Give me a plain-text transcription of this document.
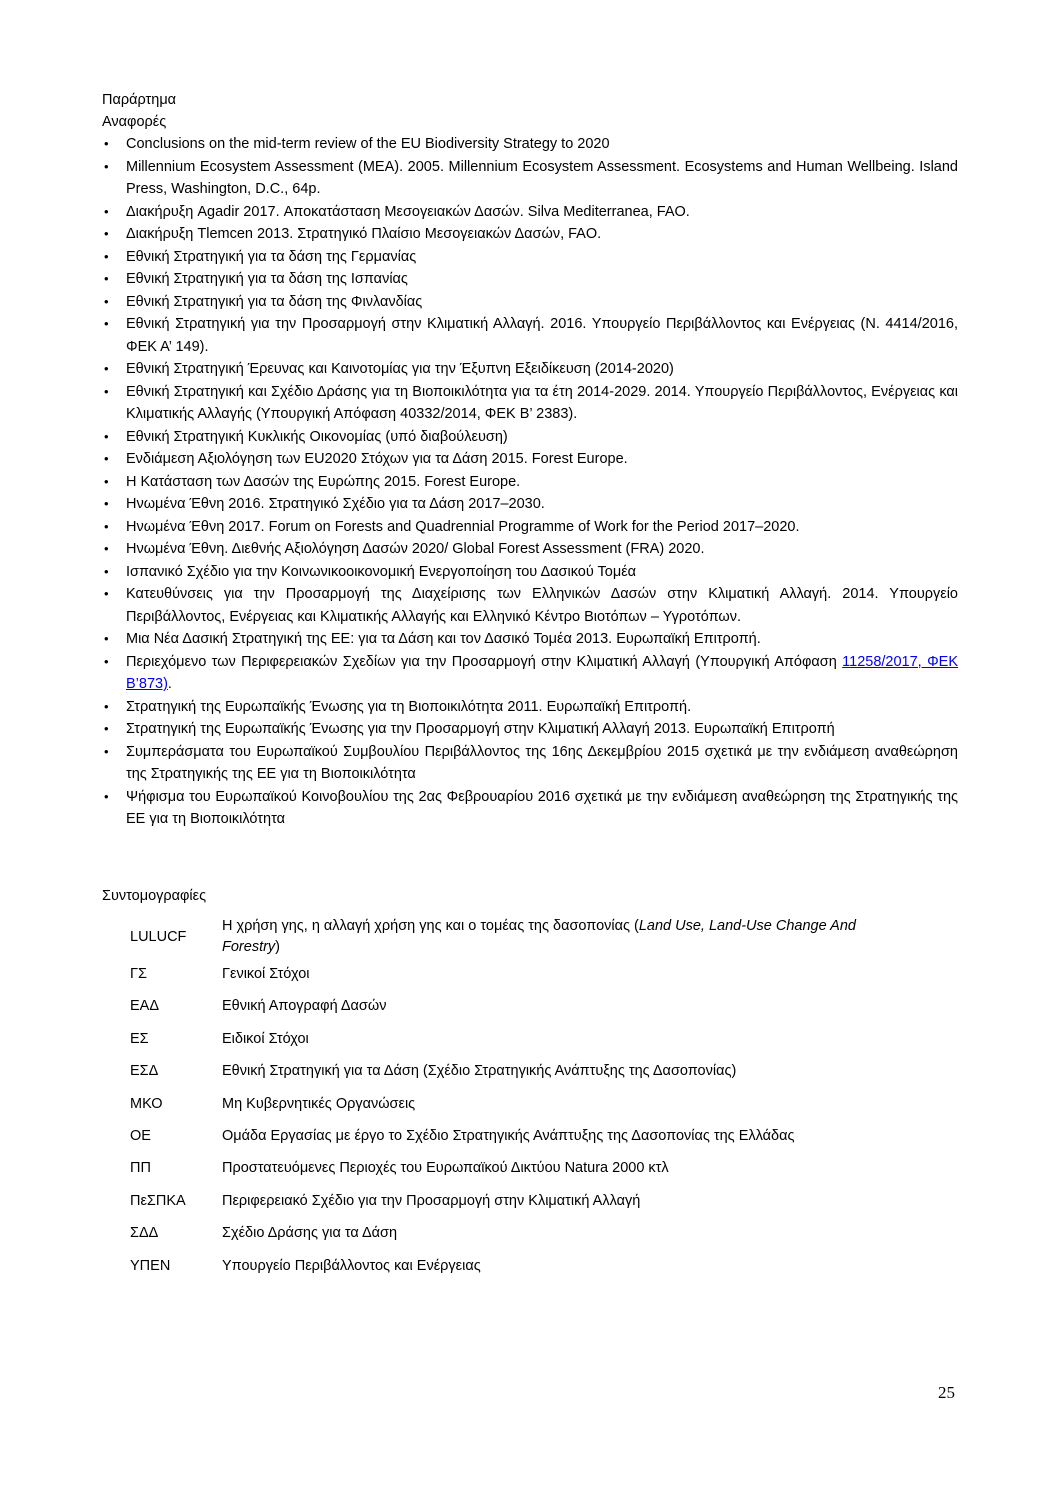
Παράρτημα
Αναφορές
• Conclusions on the mid-term review of the EU Biodiversity Strategy to 2020
• Millennium Ecosystem Assessment (MEA). 2005. Millennium Ecosystem Assessment. Ecosystems and Human Wellbeing. Island Press, Washington, D.C., 64p.
• Διακήρυξη Agadir 2017. Αποκατάσταση Μεσογειακών Δασών. Silva Mediterranea, FAO.
• Διακήρυξη Tlemcen 2013. Στρατηγικό Πλαίσιο Μεσογειακών Δασών, FAO.
• Εθνική Στρατηγική για τα δάση της Γερμανίας
• Εθνική Στρατηγική για τα δάση της Ισπανίας
• Εθνική Στρατηγική για τα δάση της Φινλανδίας
• Εθνική Στρατηγική για την Προσαρμογή στην Κλιματική Αλλαγή. 2016. Υπουργείο Περιβάλλοντος και Ενέργειας (Ν. 4414/2016, ΦΕΚ Α’ 149).
• Εθνική Στρατηγική Έρευνας και Καινοτομίας για την Έξυπνη Εξειδίκευση (2014-2020)
• Εθνική Στρατηγική και Σχέδιο Δράσης για τη Βιοποικιλότητα για τα έτη 2014-2029. 2014. Υπουργείο Περιβάλλοντος, Ενέργειας και Κλιματικής Αλλαγής (Υπουργική Απόφαση 40332/2014, ΦΕΚ Β’ 2383).
• Εθνική Στρατηγική Κυκλικής Οικονομίας (υπό διαβούλευση)
• Ενδιάμεση Αξιολόγηση των EU2020 Στόχων για τα Δάση 2015. Forest Europe.
• Η Κατάσταση των Δασών της Ευρώπης 2015. Forest Europe.
• Ηνωμένα Έθνη 2016. Στρατηγικό Σχέδιο για τα Δάση 2017–2030.
• Ηνωμένα Έθνη 2017. Forum on Forests and Quadrennial Programme of Work for the Period 2017–2020.
• Ηνωμένα Έθνη. Διεθνής Αξιολόγηση Δασών 2020/ Global Forest Assessment (FRA) 2020.
• Ισπανικό Σχέδιο για την Κοινωνικοοικονομική Ενεργοποίηση του Δασικού Τομέα
• Κατευθύνσεις για την Προσαρμογή της Διαχείρισης των Ελληνικών Δασών στην Κλιματική Αλλαγή. 2014. Υπουργείο Περιβάλλοντος, Ενέργειας και Κλιματικής Αλλαγής και Ελληνικό Κέντρο Βιοτόπων – Υγροτόπων.
• Μια Νέα Δασική Στρατηγική της ΕΕ: για τα Δάση και τον Δασικό Τομέα 2013. Ευρωπαϊκή Επιτροπή.
• Περιεχόμενο των Περιφερειακών Σχεδίων για την Προσαρμογή στην Κλιματική Αλλαγή (Υπουργική Απόφαση 11258/2017, ΦΕΚ Β’873).
• Στρατηγική της Ευρωπαϊκής Ένωσης για τη Βιοποικιλότητα 2011. Ευρωπαϊκή Επιτροπή.
• Στρατηγική της Ευρωπαϊκής Ένωσης για την Προσαρμογή στην Κλιματική Αλλαγή 2013. Ευρωπαϊκή Επιτροπή
• Συμπεράσματα του Ευρωπαϊκού Συμβουλίου Περιβάλλοντος της 16ης Δεκεμβρίου 2015 σχετικά με την ενδιάμεση αναθεώρηση της Στρατηγικής της ΕΕ για τη Βιοποικιλότητα
• Ψήφισμα του Ευρωπαϊκού Κοινοβουλίου της 2ας Φεβρουαρίου 2016 σχετικά με την ενδιάμεση αναθεώρηση της Στρατηγικής της ΕΕ για τη Βιοποικιλότητα
Συντομογραφίες
LULUCF	Η χρήση γης, η αλλαγή χρήση γης και ο τομέας της δασοπονίας (Land Use, Land-Use Change And Forestry)
ΓΣ	Γενικοί Στόχοι
ΕΑΔ	Εθνική Απογραφή Δασών
ΕΣ	Ειδικοί Στόχοι
ΕΣΔ	Εθνική Στρατηγική για τα Δάση (Σχέδιο Στρατηγικής Ανάπτυξης της Δασοπονίας)
ΜΚΟ	Μη Κυβερνητικές Οργανώσεις
ΟΕ	Ομάδα Εργασίας με έργο το Σχέδιο Στρατηγικής Ανάπτυξης της Δασοπονίας της Ελλάδας
ΠΠ	Προστατευόμενες Περιοχές του Ευρωπαϊκού Δικτύου Natura 2000 κτλ
ΠεΣΠΚΑ	Περιφερειακό Σχέδιο για την Προσαρμογή στην Κλιματική Αλλαγή
ΣΔΔ	Σχέδιο Δράσης για τα Δάση
ΥΠΕΝ	Υπουργείο Περιβάλλοντος και Ενέργειας
25
